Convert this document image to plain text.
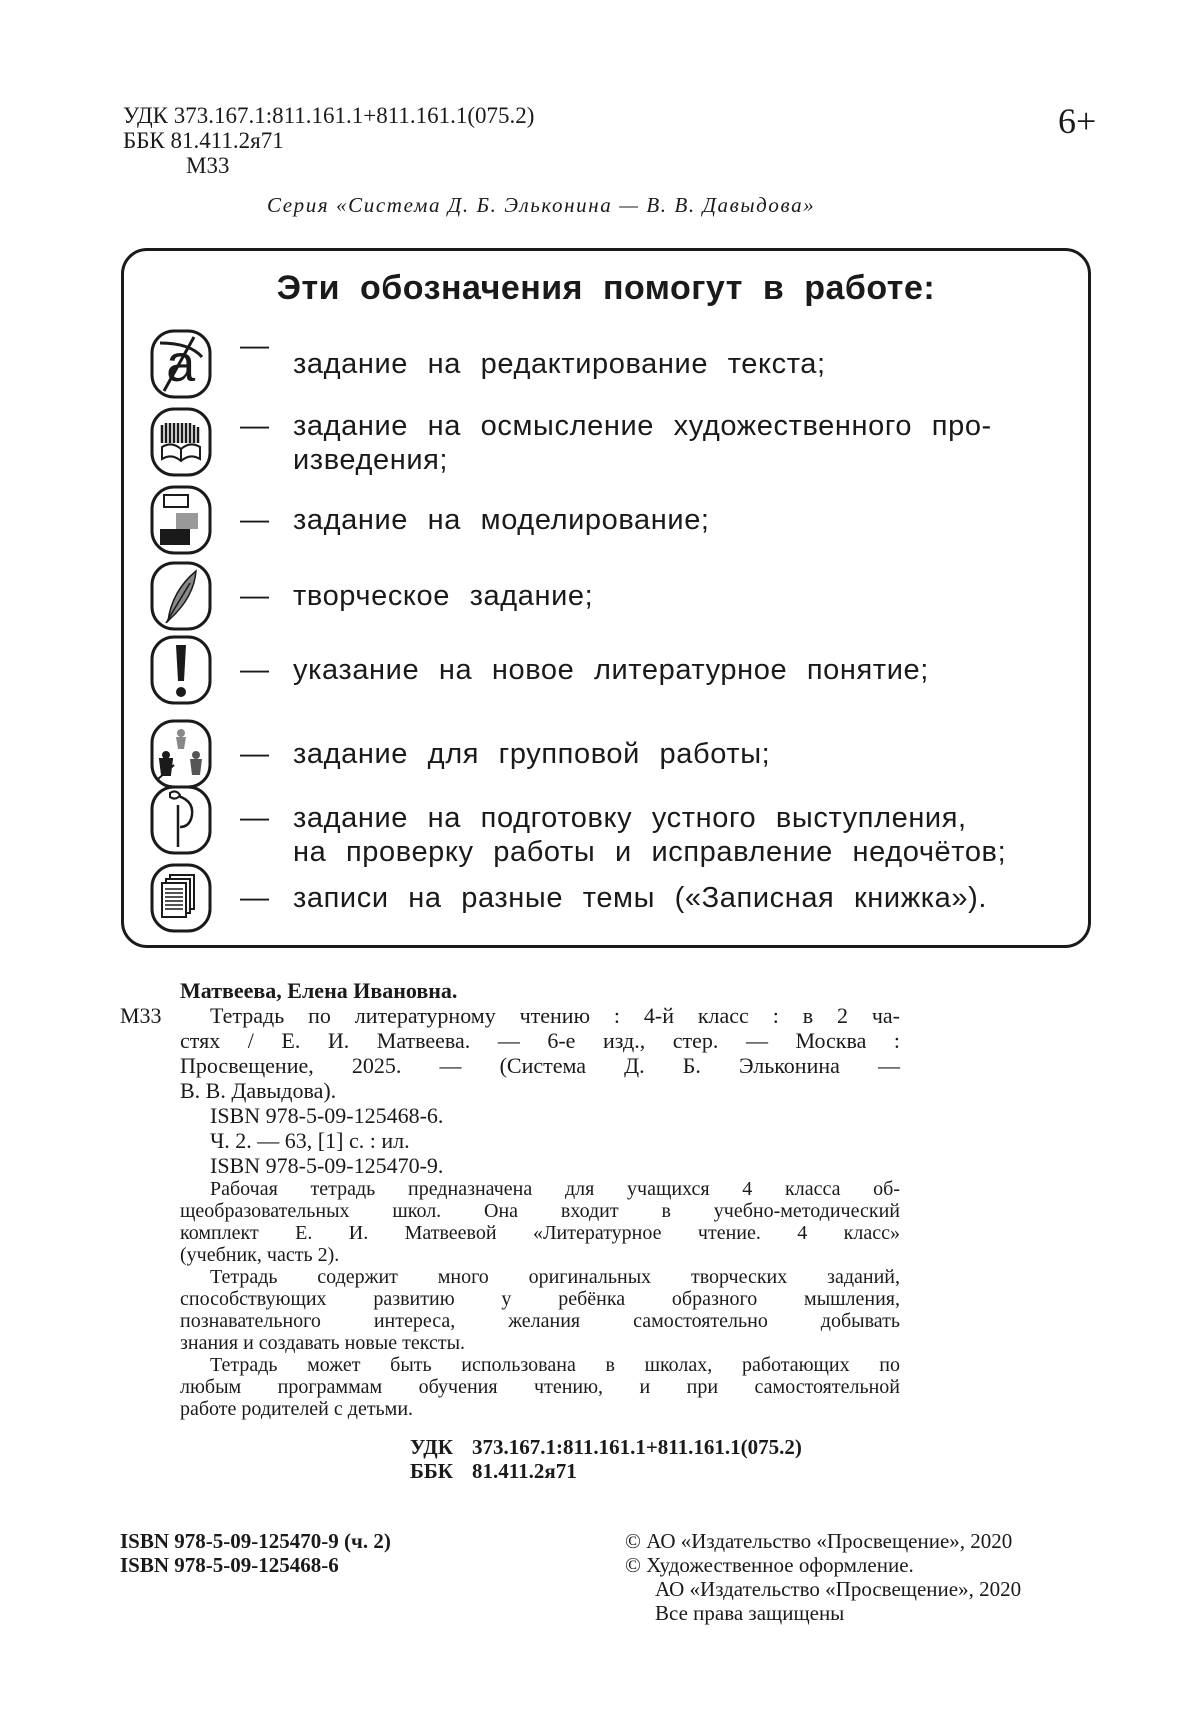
УДК 373.167.1:811.161.1+811.161.1(075.2)
ББК 81.411.2я71
М33
6+
Серия «Система Д. Б. Эльконина — В. В. Давыдова»
Эти обозначения помогут в работе:
a —
задание на редактирование текста;
— задание на осмысление художественного про-
изведения;
— задание на моделирование;
— творческое задание;
— указание на новое литературное понятие;
— задание для групповой работы;
— задание на подготовку устного выступления,
на проверку работы и исправление недочётов;
— записи на разные темы («Записная книжка»).
М33
Матвеева, Елена Ивановна.
Тетрадь по литературному чтению : 4-й класс : в 2 ча-
стях / Е. И. Матвеева. — 6-е изд., стер. — Москва :
Просвещение, 2025. — (Система Д. Б. Эльконина —
В. В. Давыдова).
ISBN 978-5-09-125468-6.
Ч. 2. — 63, [1] с. : ил.
ISBN 978-5-09-125470-9.
Рабочая тетрадь предназначена для учащихся 4 класса об-
щеобразовательных школ. Она входит в учебно-методический
комплект Е. И. Матвеевой «Литературное чтение. 4 класс»
(учебник, часть 2).
Тетрадь содержит много оригинальных творческих заданий,
способствующих развитию у ребёнка образного мышления,
познавательного интереса, желания самостоятельно добывать
знания и создавать новые тексты.
Тетрадь может быть использована в школах, работающих по
любым программам обучения чтению, и при самостоятельной
работе родителей с детьми.
УДК 373.167.1:811.161.1+811.161.1(075.2)
ББК 81.411.2я71
ISBN 978-5-09-125470-9 (ч. 2)
ISBN 978-5-09-125468-6
© АО «Издательство «Просвещение», 2020
© Художественное оформление.
АО «Издательство «Просвещение», 2020
Все права защищены
